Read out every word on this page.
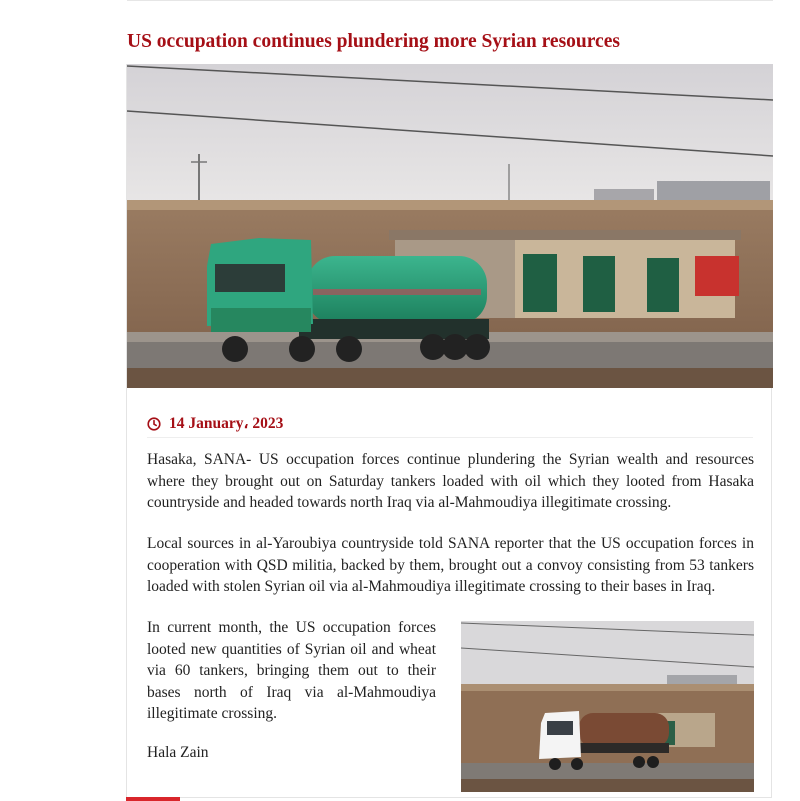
US occupation continues plundering more Syrian resources
14 January، 2023

Hasaka, SANA- US occupation forces continue plundering the Syrian wealth and resources where they brought out on Saturday tankers loaded with oil which they looted from Hasaka countryside and headed towards north Iraq via al-Mahmoudiya illegitimate crossing.

Local sources in al-Yaroubiya countryside told SANA reporter that the US occupation forces in cooperation with QSD militia, backed by them, brought out a convoy consisting from 53 tankers loaded with stolen Syrian oil via al-Mahmoudiya illegitimate crossing to their bases in Iraq.

In current month, the US occupation forces looted new quantities of Syrian oil and wheat via 60 tankers, bringing them out to their bases north of Iraq via al-Mahmoudiya illegitimate crossing.

Hala Zain
